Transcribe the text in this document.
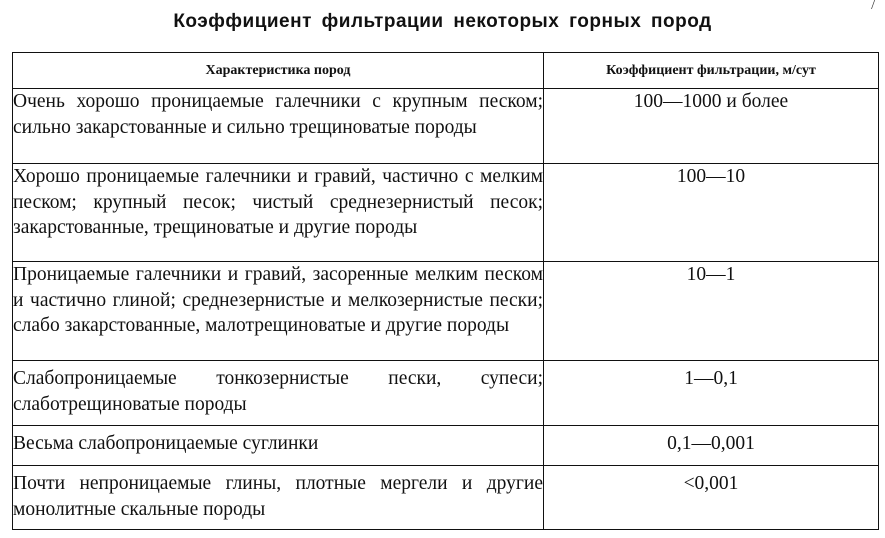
Коэффициент фильтрации некоторых горных пород
/
Характеристика пород	Коэффициент фильтрации, м/сут
Очень хорошо проницаемые галечники с крупным песком; сильно закарстованные и сильно трещиноватые породы	100—1000 и более
Хорошо проницаемые галечники и гравий, частично с мелким песком; крупный песок; чистый среднезернистый песок; закарстованные, трещиноватые и другие породы	100—10
Проницаемые галечники и гравий, засоренные мелким песком и частично глиной; среднезернистые и мелкозернистые пески; слабо закарстованные, малотрещиноватые и другие породы	10—1
Слабопроницаемые тонкозернистые пески, супеси; слаботрещиноватые породы	1—0,1
Весьма слабопроницаемые суглинки	0,1—0,001
Почти непроницаемые глины, плотные мергели и другие монолитные скальные породы	<0,001
